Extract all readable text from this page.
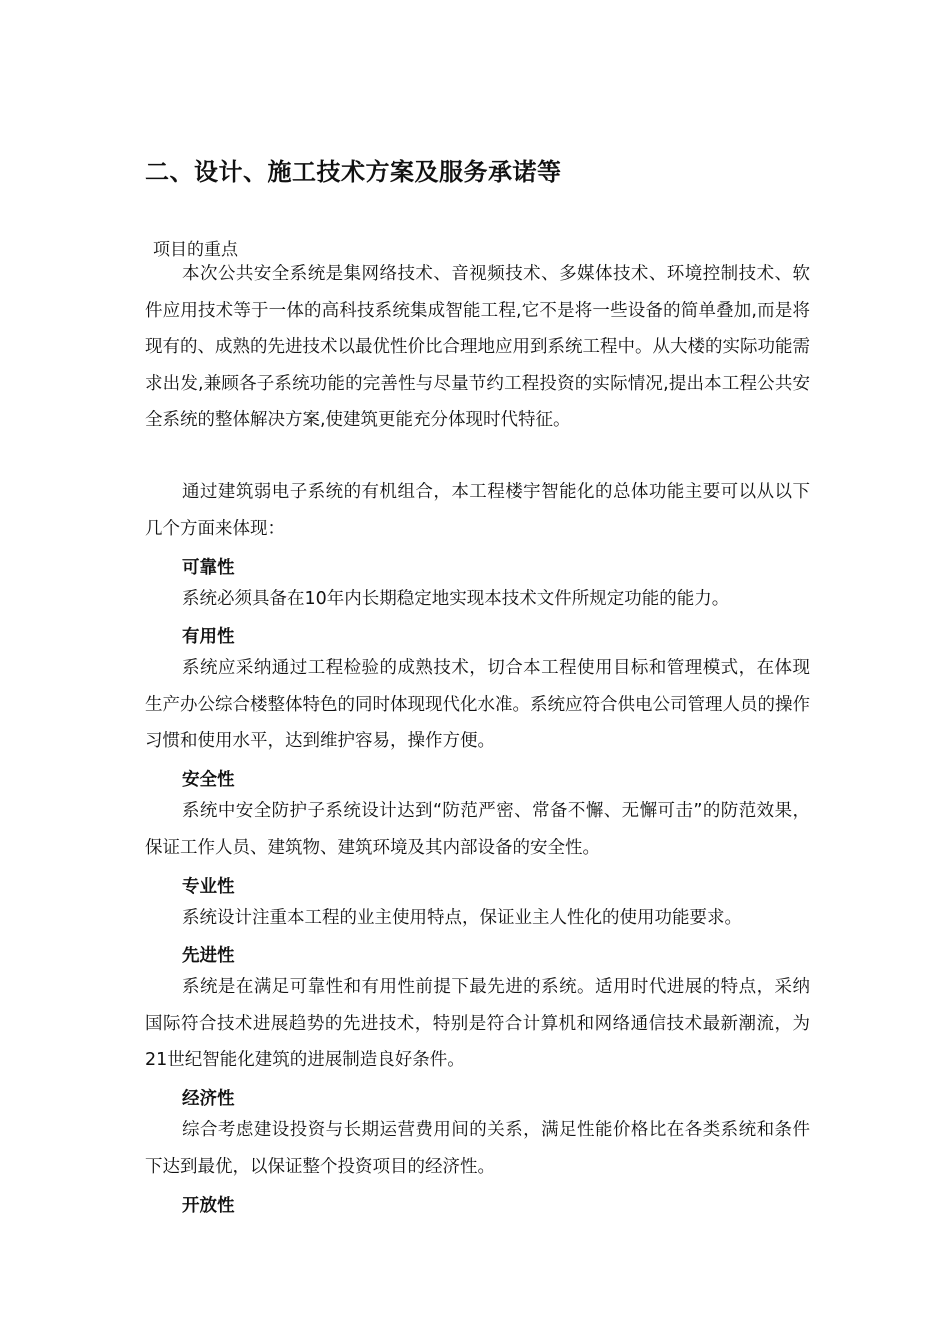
二、设计、施工技术方案及服务承诺等
项目的重点

本次公共安全系统是集网络技术、音视频技术、多媒体技术、环境控制技术、软件应用技术等于一体的高科技系统集成智能工程,它不是将一些设备的简单叠加,而是将现有的、成熟的先进技术以最优性价比合理地应用到系统工程中。从大楼的实际功能需求出发,兼顾各子系统功能的完善性与尽量节约工程投资的实际情况,提出本工程公共安全系统的整体解决方案,使建筑更能充分体现时代特征。

通过建筑弱电子系统的有机组合，本工程楼宇智能化的总体功能主要可以从以下几个方面来体现：

可靠性

系统必须具备在10年内长期稳定地实现本技术文件所规定功能的能力。

有用性

系统应采纳通过工程检验的成熟技术，切合本工程使用目标和管理模式，在体现生产办公综合楼整体特色的同时体现现代化水准。系统应符合供电公司管理人员的操作习惯和使用水平，达到维护容易，操作方便。

安全性

系统中安全防护子系统设计达到“防范严密、常备不懈、无懈可击”的防范效果，保证工作人员、建筑物、建筑环境及其内部设备的安全性。

专业性

系统设计注重本工程的业主使用特点，保证业主人性化的使用功能要求。

先进性

系统是在满足可靠性和有用性前提下最先进的系统。适用时代进展的特点，采纳国际符合技术进展趋势的先进技术，特别是符合计算机和网络通信技术最新潮流，为21世纪智能化建筑的进展制造良好条件。

经济性

综合考虑建设投资与长期运营费用间的关系，满足性能价格比在各类系统和条件下达到最优，以保证整个投资项目的经济性。

开放性
